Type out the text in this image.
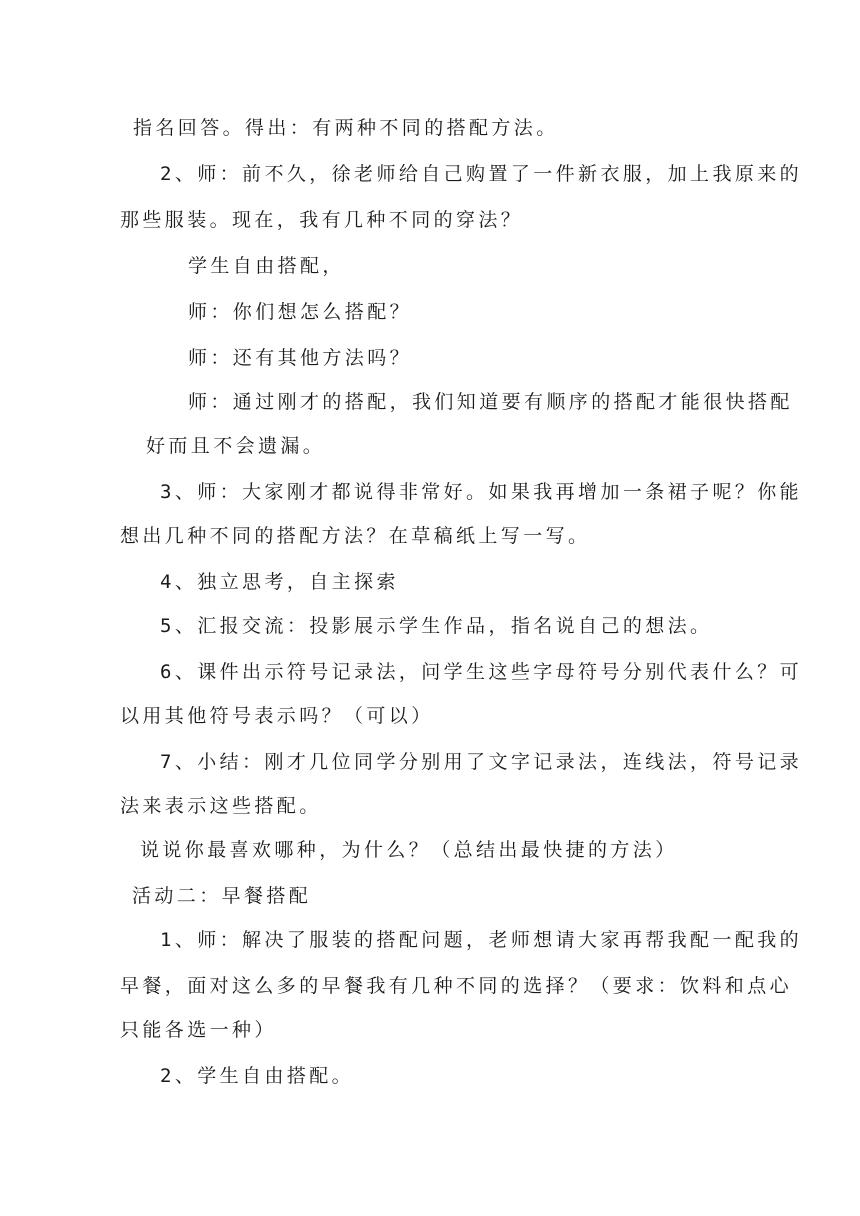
指名回答。得出：有两种不同的搭配方法。
2、师：前不久，徐老师给自己购置了一件新衣服，加上我原来的
那些服装。现在，我有几种不同的穿法？
学生自由搭配，
师：你们想怎么搭配？
师：还有其他方法吗？
师：通过刚才的搭配，我们知道要有顺序的搭配才能很快搭配
好而且不会遗漏。
3、师：大家刚才都说得非常好。如果我再增加一条裙子呢？你能
想出几种不同的搭配方法？在草稿纸上写一写。
4、独立思考，自主探索
5、汇报交流：投影展示学生作品，指名说自己的想法。
6、课件出示符号记录法，问学生这些字母符号分别代表什么？可
以用其他符号表示吗？（可以）
7、小结：刚才几位同学分别用了文字记录法，连线法，符号记录
法来表示这些搭配。
说说你最喜欢哪种，为什么？（总结出最快捷的方法）
活动二：早餐搭配
1、师：解决了服装的搭配问题，老师想请大家再帮我配一配我的
早餐，面对这么多的早餐我有几种不同的选择？（要求：饮料和点心
只能各选一种）
2、学生自由搭配。
